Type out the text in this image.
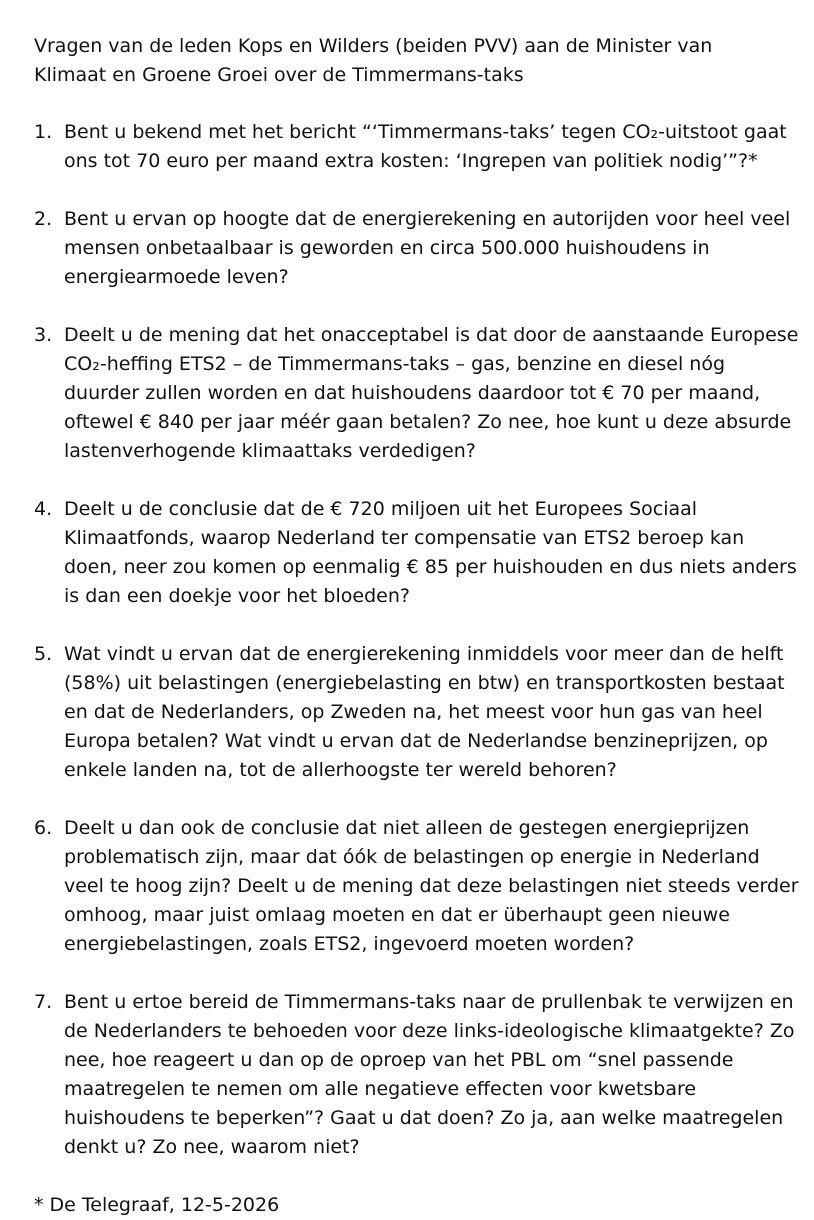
Vragen van de leden Kops en Wilders (beiden PVV) aan de Minister van Klimaat en Groene Groei over de Timmermans-taks

1. Bent u bekend met het bericht “‘Timmermans-taks’ tegen CO₂-uitstoot gaat ons tot 70 euro per maand extra kosten: ‘Ingrepen van politiek nodig’”?*
2. Bent u ervan op hoogte dat de energierekening en autorijden voor heel veel mensen onbetaalbaar is geworden en circa 500.000 huishoudens in energiearmoede leven?
3. Deelt u de mening dat het onacceptabel is dat door de aanstaande Europese CO₂-heffing ETS2 – de Timmermans-taks – gas, benzine en diesel nóg duurder zullen worden en dat huishoudens daardoor tot € 70 per maand, oftewel € 840 per jaar méér gaan betalen? Zo nee, hoe kunt u deze absurde lastenverhogende klimaattaks verdedigen?
4. Deelt u de conclusie dat de € 720 miljoen uit het Europees Sociaal Klimaatfonds, waarop Nederland ter compensatie van ETS2 beroep kan doen, neer zou komen op eenmalig € 85 per huishouden en dus niets anders is dan een doekje voor het bloeden?
5. Wat vindt u ervan dat de energierekening inmiddels voor meer dan de helft (58%) uit belastingen (energiebelasting en btw) en transportkosten bestaat en dat de Nederlanders, op Zweden na, het meest voor hun gas van heel Europa betalen? Wat vindt u ervan dat de Nederlandse benzineprijzen, op enkele landen na, tot de allerhoogste ter wereld behoren?
6. Deelt u dan ook de conclusie dat niet alleen de gestegen energieprijzen problematisch zijn, maar dat óók de belastingen op energie in Nederland veel te hoog zijn? Deelt u de mening dat deze belastingen niet steeds verder omhoog, maar juist omlaag moeten en dat er überhaupt geen nieuwe energiebelastingen, zoals ETS2, ingevoerd moeten worden?
7. Bent u ertoe bereid de Timmermans-taks naar de prullenbak te verwijzen en de Nederlanders te behoeden voor deze links-ideologische klimaatgekte? Zo nee, hoe reageert u dan op de oproep van het PBL om “snel passende maatregelen te nemen om alle negatieve effecten voor kwetsbare huishoudens te beperken”? Gaat u dat doen? Zo ja, aan welke maatregelen denkt u? Zo nee, waarom niet?

* De Telegraaf, 12-5-2026
